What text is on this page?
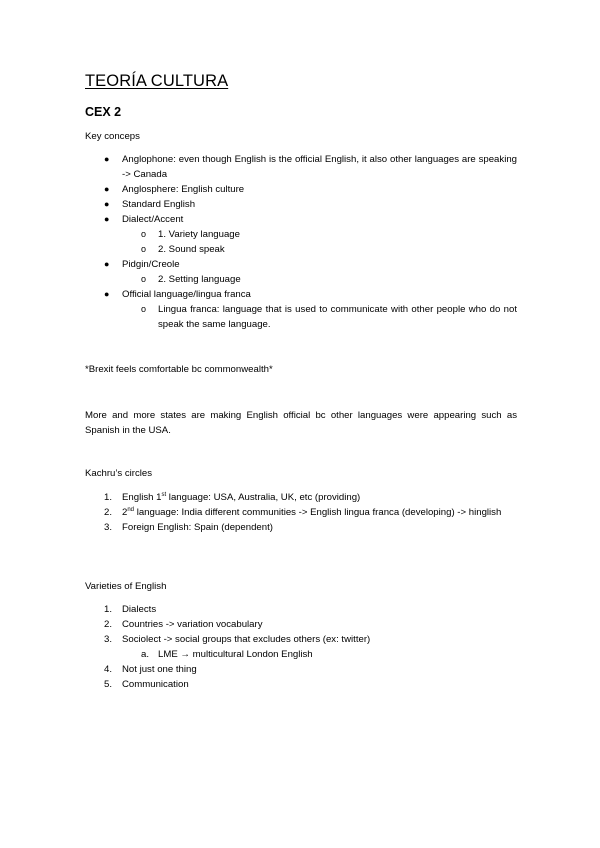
TEORÍA CULTURA
CEX 2
Key conceps
● Anglophone: even though English is the official English, it also other languages are speaking -> Canada
● Anglosphere: English culture
● Standard English
● Dialect/Accent
o 1. Variety language
o 2. Sound speak
● Pidgin/Creole
o 2. Setting language
● Official language/lingua franca
o Lingua franca: language that is used to communicate with other people who do not speak the same language.
*Brexit feels comfortable bc commonwealth*
More and more states are making English official bc other languages were appearing such as Spanish in the USA.
Kachru’s circles
1. English 1st language: USA, Australia, UK, etc (providing)
2. 2nd language: India different communities -> English lingua franca (developing) -> hinglish
3. Foreign English: Spain (dependent)
Varieties of English
1. Dialects
2. Countries -> variation vocabulary
3. Sociolect -> social groups that excludes others (ex: twitter)
a. LME → multicultural London English
4. Not just one thing
5. Communication
